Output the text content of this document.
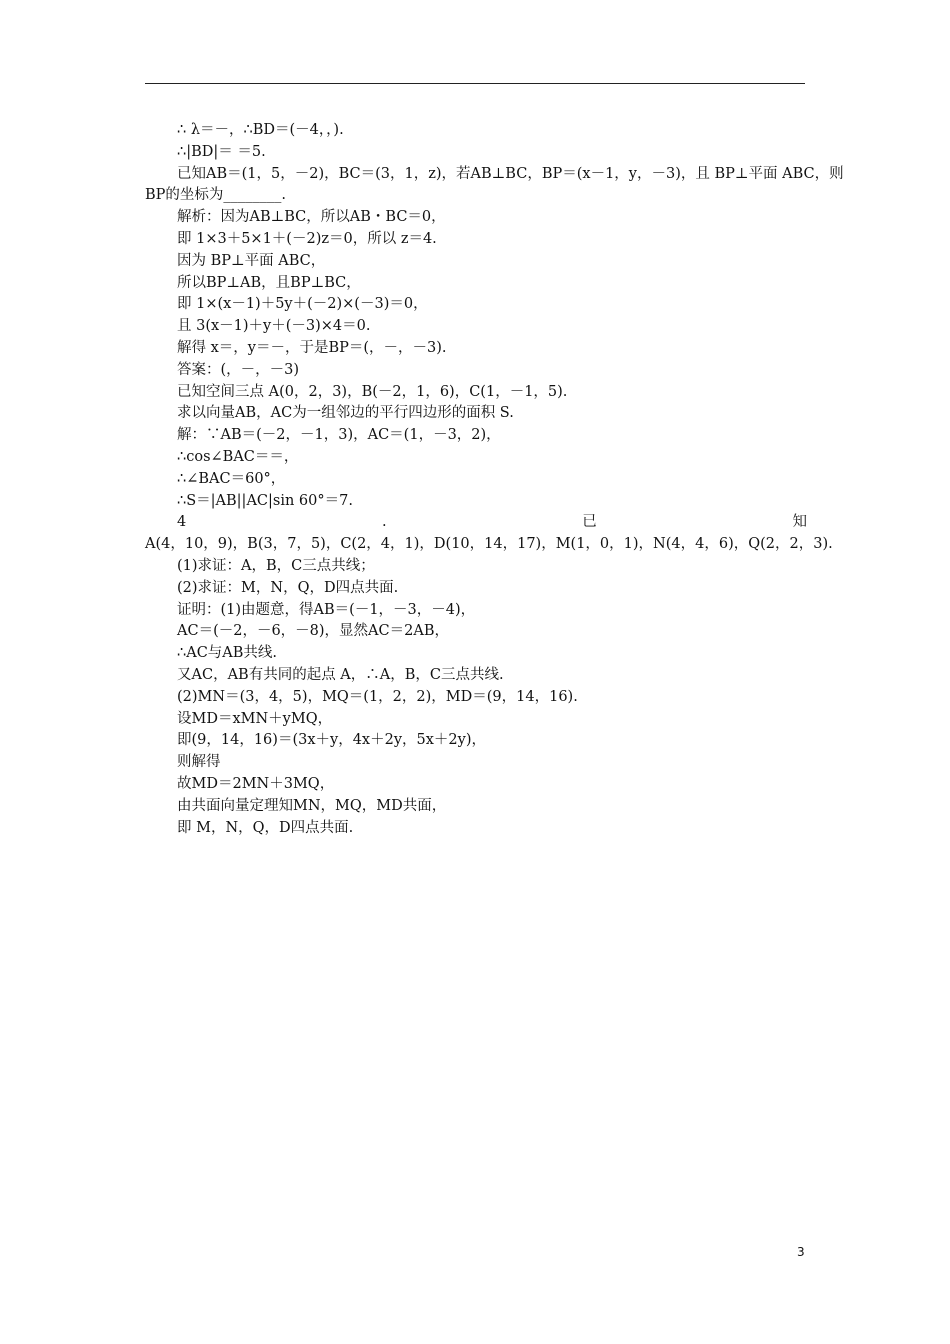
∴ λ＝－，∴BD＝(－4，，).
∴|BD|＝ ＝5.
已知AB＝(1，5，－2)，BC＝(3，1，z)，若AB⊥BC，BP＝(x－1，y，－3)，且 BP⊥平面 ABC，则
BP的坐标为________.
解析：因为AB⊥BC，所以AB・BC＝0，
即 1×3＋5×1＋(－2)z＝0，所以 z＝4.
因为 BP⊥平面 ABC，
所以BP⊥AB，且BP⊥BC，
即 1×(x－1)＋5y＋(－2)×(－3)＝0，
且 3(x－1)＋y＋(－3)×4＝0.
解得 x＝，y＝－，于是BP＝(，－，－3).
答案：(，－，－3)
已知空间三点 A(0，2，3)，B(－2，1，6)，C(1，－1，5).
求以向量AB，AC为一组邻边的平行四边形的面积 S.
解：∵AB＝(－2，－1，3)，AC＝(1，－3，2)，
∴cos∠BAC＝＝，
∴∠BAC＝60°，
∴S＝|AB||AC|sin 60°＝7.
4	.	已	知
A(4，10，9)，B(3，7，5)，C(2，4，1)，D(10，14，17)，M(1，0，1)，N(4，4，6)，Q(2，2，3).
(1)求证：A，B，C三点共线；
(2)求证：M，N，Q，D四点共面.
证明：(1)由题意，得AB＝(－1，－3，－4)，
AC＝(－2，－6，－8)，显然AC＝2AB，
∴AC与AB共线.
又AC，AB有共同的起点 A，∴A，B，C三点共线.
(2)MN＝(3，4，5)，MQ＝(1，2，2)，MD＝(9，14，16).
设MD＝xMN＋yMQ，
即(9，14，16)＝(3x＋y，4x＋2y，5x＋2y)，
则解得
故MD＝2MN＋3MQ，
由共面向量定理知MN，MQ，MD共面，
即 M，N，Q，D四点共面.
3
